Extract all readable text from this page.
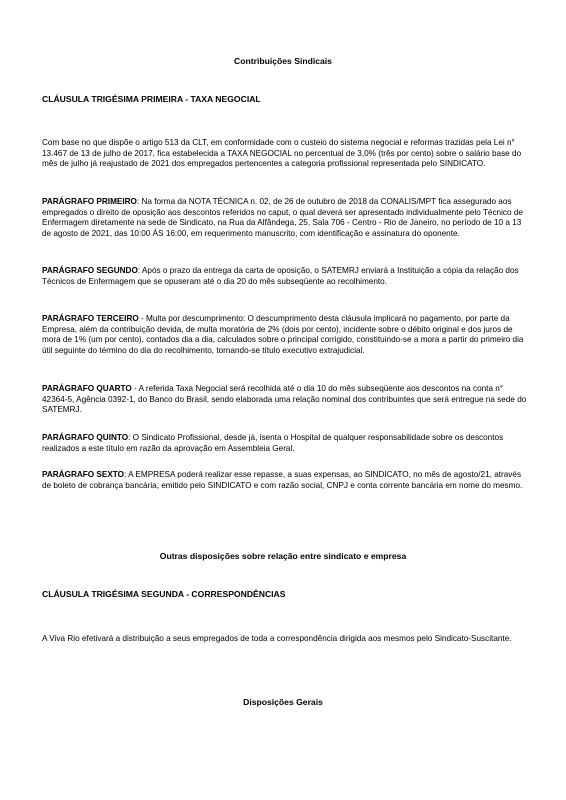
Contribuições Sindicais
CLÁUSULA TRIGÉSIMA PRIMEIRA - TAXA NEGOCIAL

Com base no que dispõe o artigo 513 da CLT, em conformidade com o custeio do sistema negocial e reformas trazidas pela Lei n° 13.467 de 13 de julho de 2017, fica estabelecida a TAXA NEGOCIAL no percentual de 3,0% (três por cento) sobre o salário base do mês de julho já reajustado de 2021 dos empregados pertencentes a categoria profissional representada pelo SINDICATO.

PARÁGRAFO PRIMEIRO: Na forma da NOTA TÉCNICA n. 02, de 26 de outubro de 2018 da CONALIS/MPT fica assegurado aos empregados o direito de oposição aos descontos referidos no caput, o qual deverá ser apresentado individualmente pelo Técnico de Enfermagem diretamente na sede de Sindicato, na Rua da Alfândega, 25, Sala 706 - Centro - Rio de Janeiro, no período de 10 a 13 de agosto de 2021, das 10:00 ÀS 16:00, em requerimento manuscrito, com identificação e assinatura do oponente.

PARÁGRAFO SEGUNDO: Após o prazo da entrega da carta de oposição, o SATEMRJ enviará a Instituição a cópia da relação dos Técnicos de Enfermagem que se opuseram até o dia 20 do mês subseqüente ao recolhimento.

PARÁGRAFO TERCEIRO - Multa por descumprimento: O descumprimento desta cláusula implicará no pagamento, por parte da Empresa, além da contribuição devida, de multa moratória de 2% (dois por cento), incidente sobre o débito original e dos juros de mora de 1% (um por cento), contados dia a dia, calculados sobre o principal corrigido, constituindo-se a mora a partir do primeiro dia útil seguinte do término do dia do recolhimento, tornando-se título executivo extrajudicial.

PARÁGRAFO QUARTO - A referida Taxa Negocial será recolhida até o dia 10 do mês subseqüente aos descontos na conta n° 42364-5, Agência 0392-1, do Banco do Brasil, sendo elaborada uma relação nominal dos contribuintes que será entregue na sede do SATEMRJ.

PARÁGRAFO QUINTO: O Sindicato Profissional, desde já, isenta o Hospital de qualquer responsabilidade sobre os descontos realizados a este título em razão da aprovação em Assembleia Geral.

PARÁGRAFO SEXTO: A EMPRESA poderá realizar esse repasse, a suas expensas, ao SINDICATO, no mês de agosto/21, através de boleto de cobrança bancária, emitido pelo SINDICATO e com razão social, CNPJ e conta corrente bancária em nome do mesmo.

Outras disposições sobre relação entre sindicato e empresa
CLÁUSULA TRIGÉSIMA SEGUNDA - CORRESPONDÊNCIAS

A Viva Rio efetivará a distribuição a seus empregados de toda a correspondência dirigida aos mesmos pelo Sindicato-Suscitante.

Disposições Gerais
